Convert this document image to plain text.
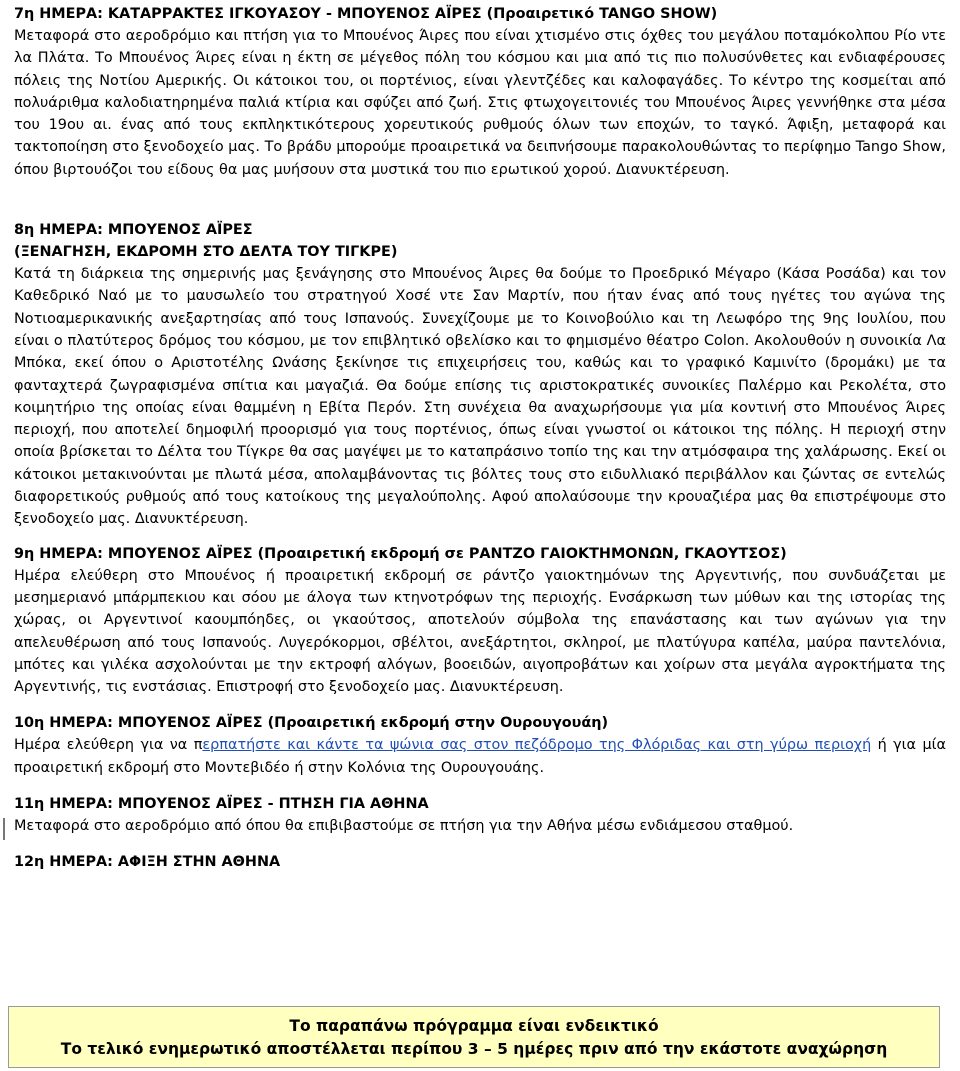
7η ΗΜΕΡΑ: ΚΑΤΑΡΡΑΚΤΕΣ ΙΓΚΟΥΑΣΟΥ - ΜΠΟΥΕΝΟΣ ΑΪΡΕΣ (Προαιρετικό TANGO SHOW)

Μεταφορά στο αεροδρόμιο και πτήση για το Μπουένος Άιρες που είναι χτισμένο στις όχθες του μεγάλου ποταμόκολπου Ρίο ντε λα Πλάτα. Το Μπουένος Άιρες είναι η έκτη σε μέγεθος πόλη του κόσμου και μια από τις πιο πολυσύνθετες και ενδιαφέρουσες πόλεις της Νοτίου Αμερικής. Οι κάτοικοι του, οι πορτένιος, είναι γλεντζέδες και καλοφαγάδες. Το κέντρο της κοσμείται από πολυάριθμα καλοδιατηρημένα παλιά κτίρια και σφύζει από ζωή. Στις φτωχογειτονιές του Μπουένος Άιρες γεννήθηκε στα μέσα του 19ου αι. ένας από τους εκπληκτικότερους χορευτικούς ρυθμούς όλων των εποχών, το ταγκό. Άφιξη, μεταφορά και τακτοποίηση στο ξενοδοχείο μας. Το βράδυ μπορούμε προαιρετικά να δειπνήσουμε παρακολουθώντας το περίφημο Tango Show, όπου βιρτουόζοι του είδους θα μας μυήσουν στα μυστικά του πιο ερωτικού χορού. Διανυκτέρευση.

8η ΗΜΕΡΑ: ΜΠΟΥΕΝΟΣ ΑΪΡΕΣ
(ΞΕΝΑΓΗΣΗ, ΕΚΔΡΟΜΗ ΣΤΟ ΔΕΛΤΑ ΤΟΥ ΤΙΓΚΡΕ)

Κατά τη διάρκεια της σημερινής μας ξενάγησης στο Μπουένος Άιρες θα δούμε το Προεδρικό Μέγαρο (Κάσα Ροσάδα) και τον Καθεδρικό Ναό με το μαυσωλείο του στρατηγού Χοσέ ντε Σαν Μαρτίν, που ήταν ένας από τους ηγέτες του αγώνα της Νοτιοαμερικανικής ανεξαρτησίας από τους Ισπανούς. Συνεχίζουμε με το Κοινοβούλιο και τη Λεωφόρο της 9ης Ιουλίου, που είναι ο πλατύτερος δρόμος του κόσμου, με τον επιβλητικό οβελίσκο και το φημισμένο θέατρο Colon. Ακολουθούν η συνοικία Λα Μπόκα, εκεί όπου ο Αριστοτέλης Ωνάσης ξεκίνησε τις επιχειρήσεις του, καθώς και το γραφικό Καμινίτο (δρομάκι) με τα φανταχτερά ζωγραφισμένα σπίτια και μαγαζιά. Θα δούμε επίσης τις αριστοκρατικές συνοικίες Παλέρμο και Ρεκολέτα, στο κοιμητήριο της οποίας είναι θαμμένη η Εβίτα Περόν. Στη συνέχεια θα αναχωρήσουμε για μία κοντινή στο Μπουένος Άιρες περιοχή, που αποτελεί δημοφιλή προορισμό για τους πορτένιος, όπως είναι γνωστοί οι κάτοικοι της πόλης. Η περιοχή στην οποία βρίσκεται το Δέλτα του Τίγκρε θα σας μαγέψει με το καταπράσινο τοπίο της και την ατμόσφαιρα της χαλάρωσης. Εκεί οι κάτοικοι μετακινούνται με πλωτά μέσα, απολαμβάνοντας τις βόλτες τους στο ειδυλλιακό περιβάλλον και ζώντας σε εντελώς διαφορετικούς ρυθμούς από τους κατοίκους της μεγαλούπολης. Αφού απολαύσουμε την κρουαζιέρα μας θα επιστρέψουμε στο ξενοδοχείο μας. Διανυκτέρευση.

9η ΗΜΕΡΑ: ΜΠΟΥΕΝΟΣ ΑΪΡΕΣ (Προαιρετική εκδρομή σε ΡΑΝΤΖΟ ΓΑΙΟΚΤΗΜΟΝΩΝ, ΓΚΑΟΥΤΣΟΣ)

Ημέρα ελεύθερη στο Μπουένος ή προαιρετική εκδρομή σε ράντζο γαιοκτημόνων της Αργεντινής, που συνδυάζεται με μεσημεριανό μπάρμπεκιου και σόου με άλογα των κτηνοτρόφων της περιοχής. Ενσάρκωση των μύθων και της ιστορίας της χώρας, οι Αργεντινοί καουμπόηδες, οι γκαούτσος, αποτελούν σύμβολα της επανάστασης και των αγώνων για την απελευθέρωση από τους Ισπανούς. Λυγερόκορμοι, σβέλτοι, ανεξάρτητοι, σκληροί, με πλατύγυρα καπέλα, μαύρα παντελόνια, μπότες και γιλέκα ασχολούνται με την εκτροφή αλόγων, βοοειδών, αιγοπροβάτων και χοίρων στα μεγάλα αγροκτήματα της Αργεντινής, τις ενστάσιας. Επιστροφή στο ξενοδοχείο μας. Διανυκτέρευση.

10η ΗΜΕΡΑ: ΜΠΟΥΕΝΟΣ ΑΪΡΕΣ (Προαιρετική εκδρομή στην Ουρουγουάη)

Ημέρα ελεύθερη για να περπατήστε και κάντε τα ψώνια σας στον πεζόδρομο της Φλόριδας και στη γύρω περιοχή ή για μία προαιρετική εκδρομή στο Μοντεβιδέο ή στην Κολόνια της Ουρουγουάης.

11η ΗΜΕΡΑ: ΜΠΟΥΕΝΟΣ ΑΪΡΕΣ - ΠΤΗΣΗ ΓΙΑ ΑΘΗΝΑ

Μεταφορά στο αεροδρόμιο από όπου θα επιβιβαστούμε σε πτήση για την Αθήνα μέσω ενδιάμεσου σταθμού.

12η ΗΜΕΡΑ: ΑΦΙΞΗ ΣΤΗΝ ΑΘΗΝΑ
Το παραπάνω πρόγραμμα είναι ενδεικτικό
Το τελικό ενημερωτικό αποστέλλεται περίπου 3 – 5 ημέρες πριν από την εκάστοτε αναχώρηση
